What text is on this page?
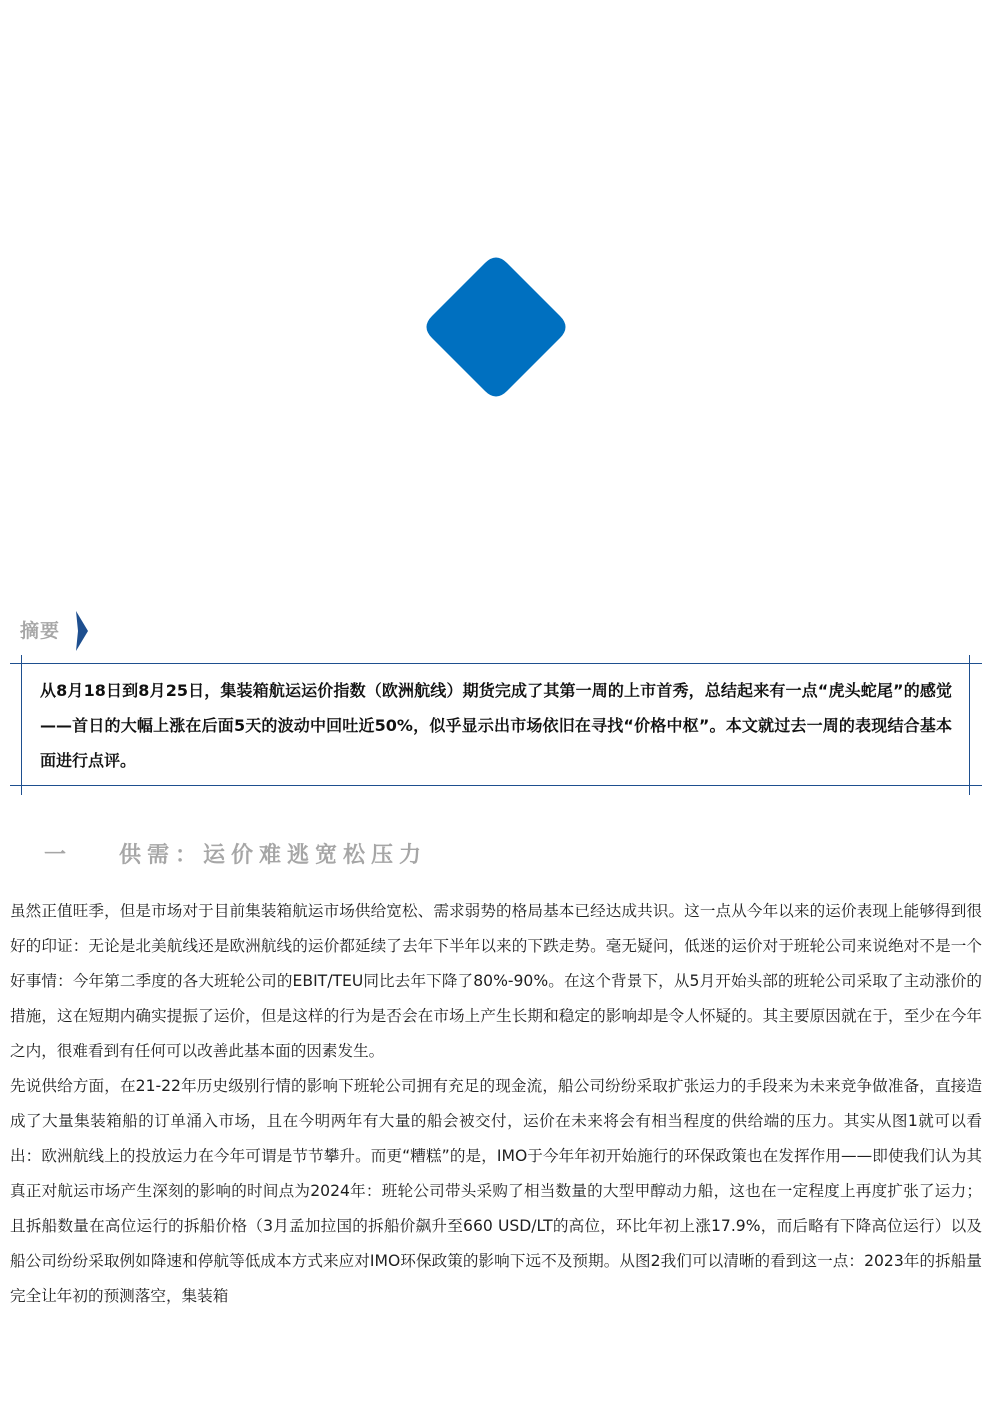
摘要
从8月18日到8月25日，集装箱航运运价指数（欧洲航线）期货完成了其第一周的上市首秀，总结起来有一点“虎头蛇尾”的感觉——首日的大幅上涨在后面5天的波动中回吐近50%，似乎显示出市场依旧在寻找“价格中枢”。本文就过去一周的表现结合基本面进行点评。
一 供需：运价难逃宽松压力

虽然正值旺季，但是市场对于目前集装箱航运市场供给宽松、需求弱势的格局基本已经达成共识。这一点从今年以来的运价表现上能够得到很好的印证：无论是北美航线还是欧洲航线的运价都延续了去年下半年以来的下跌走势。毫无疑问，低迷的运价对于班轮公司来说绝对不是一个好事情：今年第二季度的各大班轮公司的EBIT/TEU同比去年下降了80%-90%。在这个背景下，从5月开始头部的班轮公司采取了主动涨价的措施，这在短期内确实提振了运价，但是这样的行为是否会在市场上产生长期和稳定的影响却是令人怀疑的。其主要原因就在于，至少在今年之内，很难看到有任何可以改善此基本面的因素发生。

先说供给方面，在21-22年历史级别行情的影响下班轮公司拥有充足的现金流，船公司纷纷采取扩张运力的手段来为未来竞争做准备，直接造成了大量集装箱船的订单涌入市场，且在今明两年有大量的船会被交付，运价在未来将会有相当程度的供给端的压力。其实从图1就可以看出：欧洲航线上的投放运力在今年可谓是节节攀升。而更“糟糕”的是，IMO于今年年初开始施行的环保政策也在发挥作用——即使我们认为其真正对航运市场产生深刻的影响的时间点为2024年：班轮公司带头采购了相当数量的大型甲醇动力船，这也在一定程度上再度扩张了运力；且拆船数量在高位运行的拆船价格（3月孟加拉国的拆船价飙升至660 USD/LT的高位，环比年初上涨17.9%，而后略有下降高位运行）以及船公司纷纷采取例如降速和停航等低成本方式来应对IMO环保政策的影响下远不及预期。从图2我们可以清晰的看到这一点：2023年的拆船量完全让年初的预测落空，集装箱
